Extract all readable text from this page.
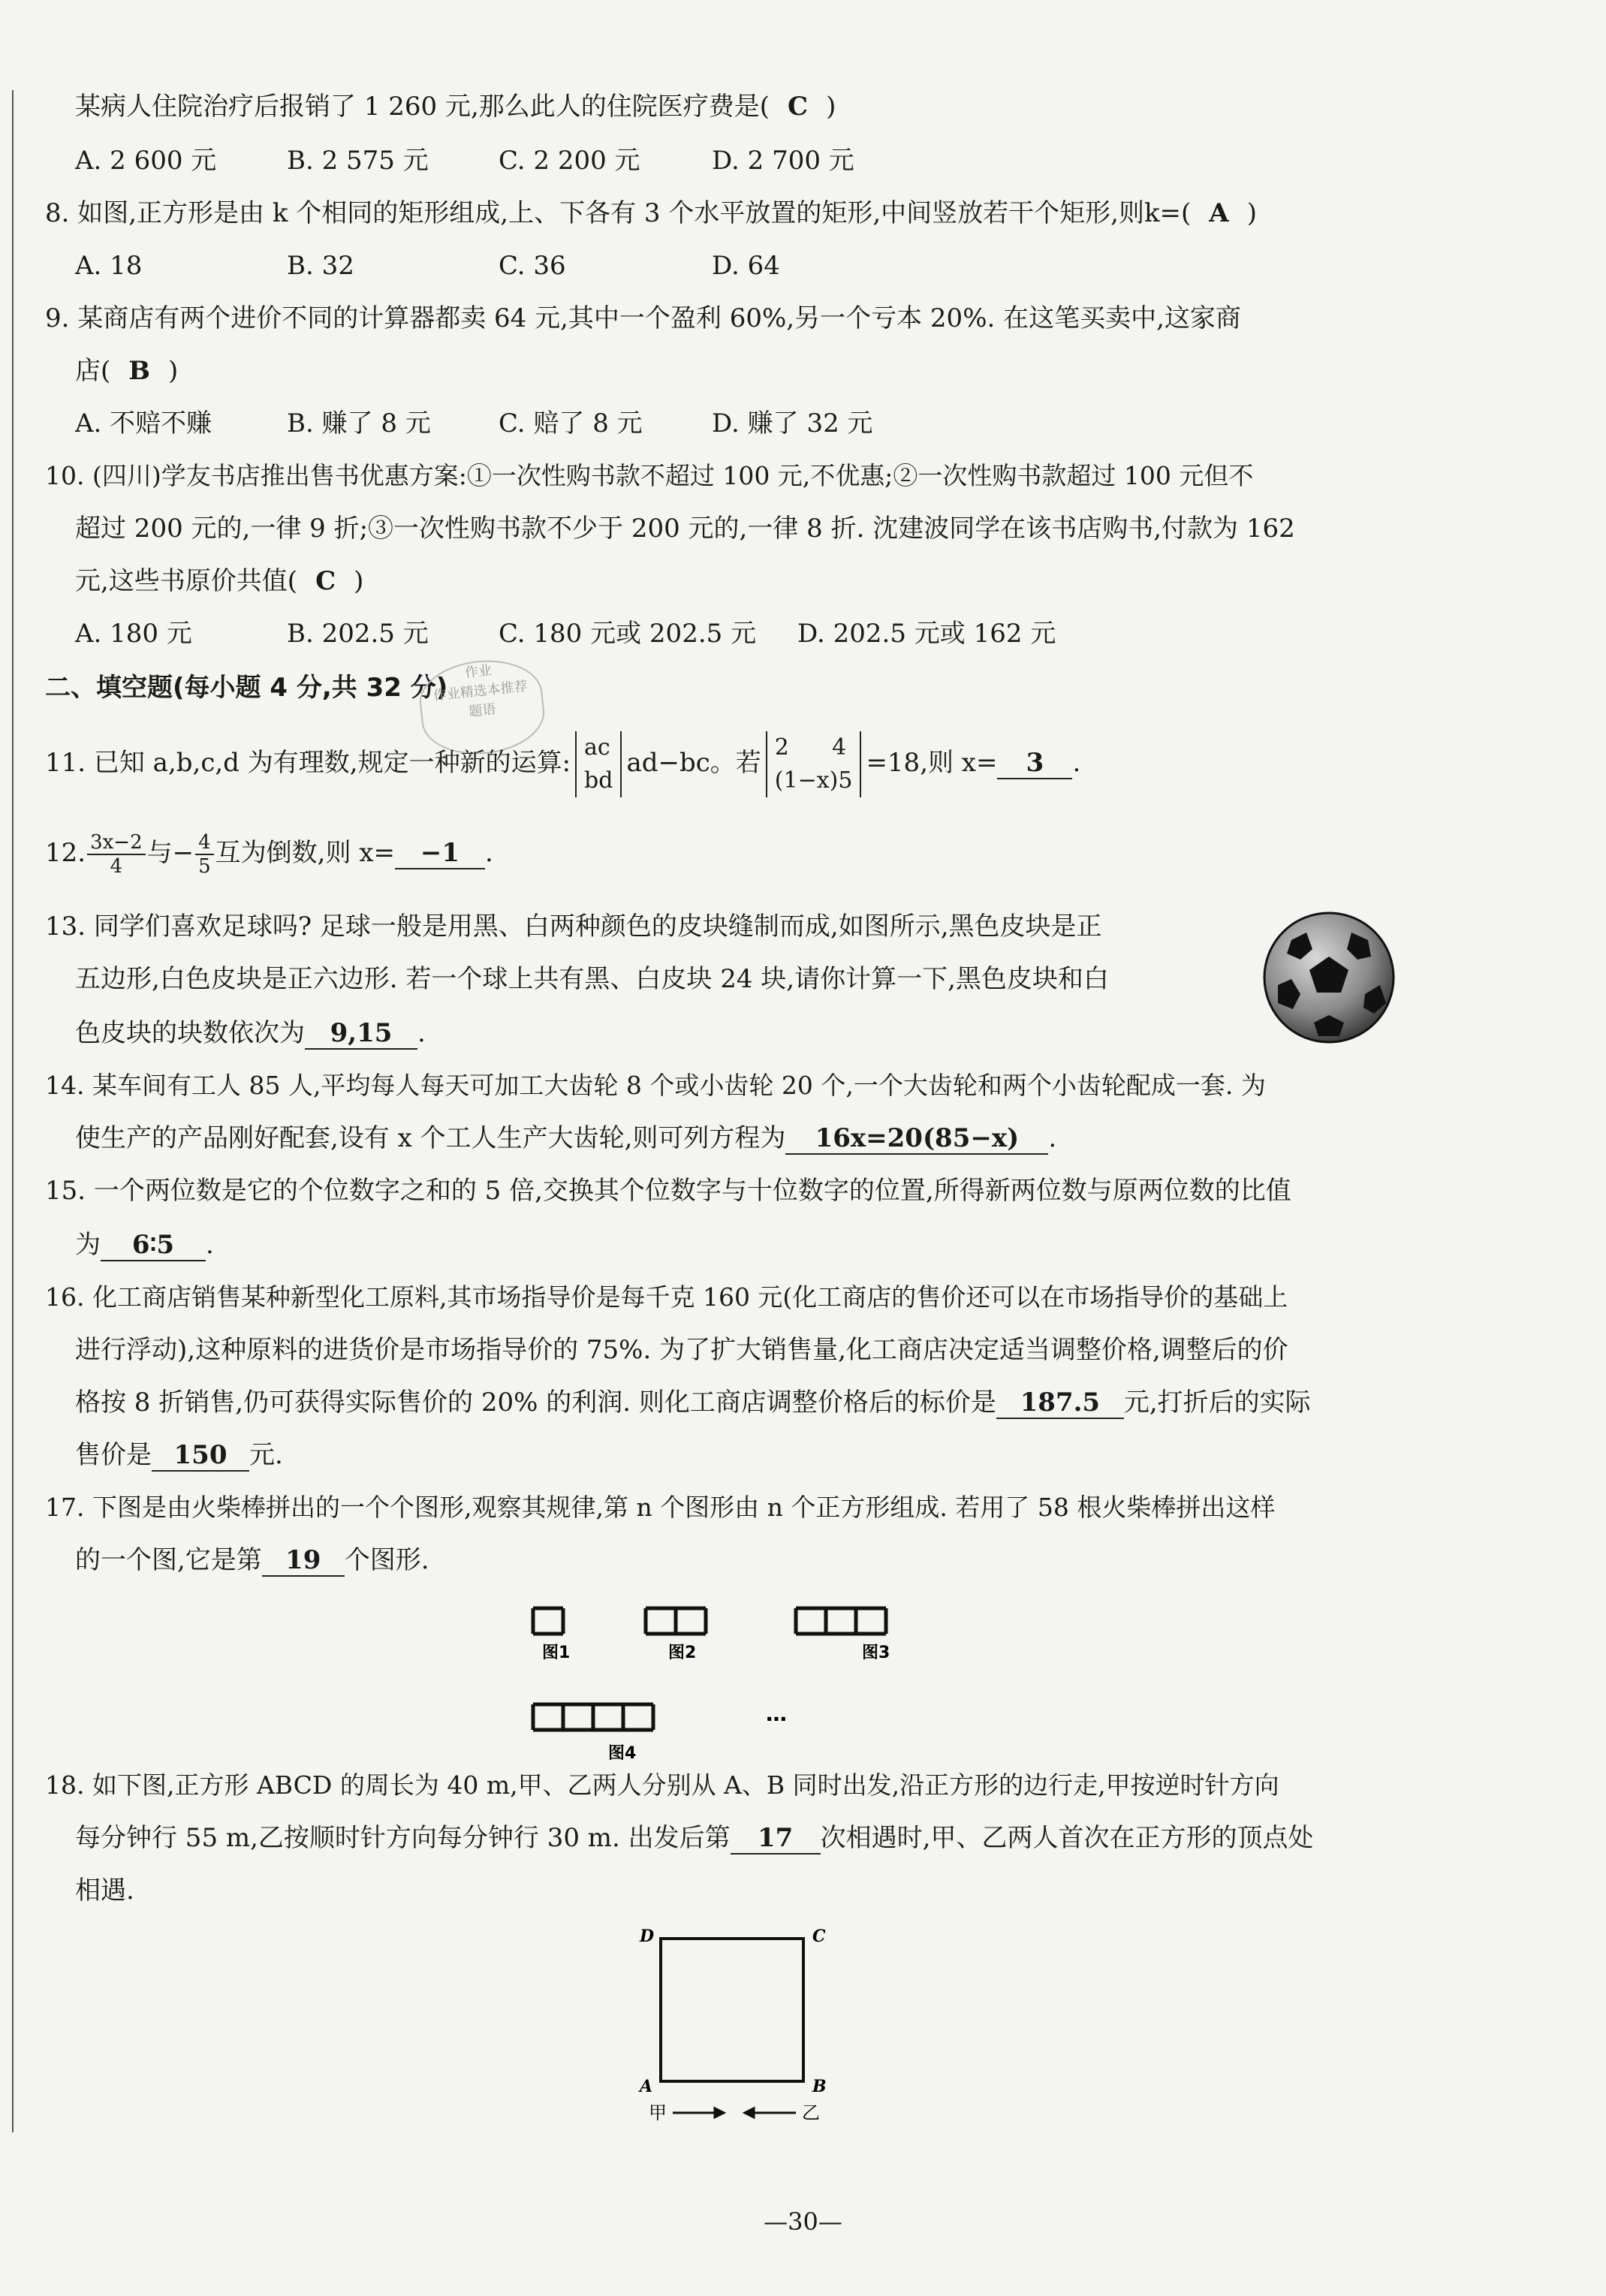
某病人住院治疗后报销了 1 260 元,那么此人的住院医疗费是( C )
A. 2 600 元	B. 2 575 元	C. 2 200 元	D. 2 700 元
8. 如图,正方形是由 k 个相同的矩形组成,上、下各有 3 个水平放置的矩形,中间竖放若干个矩形,则k=( A )
A. 18	B. 32	C. 36	D. 64
9. 某商店有两个进价不同的计算器都卖 64 元,其中一个盈利 60%,另一个亏本 20%. 在这笔买卖中,这家商
店( B )
A. 不赔不赚	B. 赚了 8 元	C. 赔了 8 元	D. 赚了 32 元
10. (四川)学友书店推出售书优惠方案:①一次性购书款不超过 100 元,不优惠;②一次性购书款超过 100 元但不
超过 200 元的,一律 9 折;③一次性购书款不少于 200 元的,一律 8 折. 沈建波同学在该书店购书,付款为 162
元,这些书原价共值( C )
A. 180 元	B. 202.5 元	C. 180 元或 202.5 元 D. 202.5 元或 162 元
二、填空题(每小题 4 分,共 32 分)
作业
作业精选本推荐
题语
11. 已知 a,b,c,d 为有理数,规定一种新的运算:
ac
bd
ad−bc。若
2      4
(1−x)5
=18,则 x= 3 .
12. $\frac{3x-2}{4}$ 与− $\frac{4}{5}$ 互为倒数,则 x= −1 .
13. 同学们喜欢足球吗? 足球一般是用黑、白两种颜色的皮块缝制而成,如图所示,黑色皮块是正
五边形,白色皮块是正六边形. 若一个球上共有黑、白皮块 24 块,请你计算一下,黑色皮块和白
色皮块的块数依次为 9,15 .
14. 某车间有工人 85 人,平均每人每天可加工大齿轮 8 个或小齿轮 20 个,一个大齿轮和两个小齿轮配成一套. 为
使生产的产品刚好配套,设有 x 个工人生产大齿轮,则可列方程为 16x=20(85−x) .
15. 一个两位数是它的个位数字之和的 5 倍,交换其个位数字与十位数字的位置,所得新两位数与原两位数的比值
为 6∶5 .
16. 化工商店销售某种新型化工原料,其市场指导价是每千克 160 元(化工商店的售价还可以在市场指导价的基础上
进行浮动),这种原料的进货价是市场指导价的 75%. 为了扩大销售量,化工商店决定适当调整价格,调整后的价
格按 8 折销售,仍可获得实际售价的 20% 的利润. 则化工商店调整价格后的标价是 187.5 元,打折后的实际
售价是 150 元.
17. 下图是由火柴棒拼出的一个个图形,观察其规律,第 n 个图形由 n 个正方形组成. 若用了 58 根火柴棒拼出这样
的一个图,它是第 19 个图形.
图1	图2	图3
图4
…
18. 如下图,正方形 ABCD 的周长为 40 m,甲、乙两人分别从 A、B 同时出发,沿正方形的边行走,甲按逆时针方向
每分钟行 55 m,乙按顺时针方向每分钟行 30 m. 出发后第 17 次相遇时,甲、乙两人首次在正方形的顶点处
相遇.
D	C
A	B
甲	乙
—30—
